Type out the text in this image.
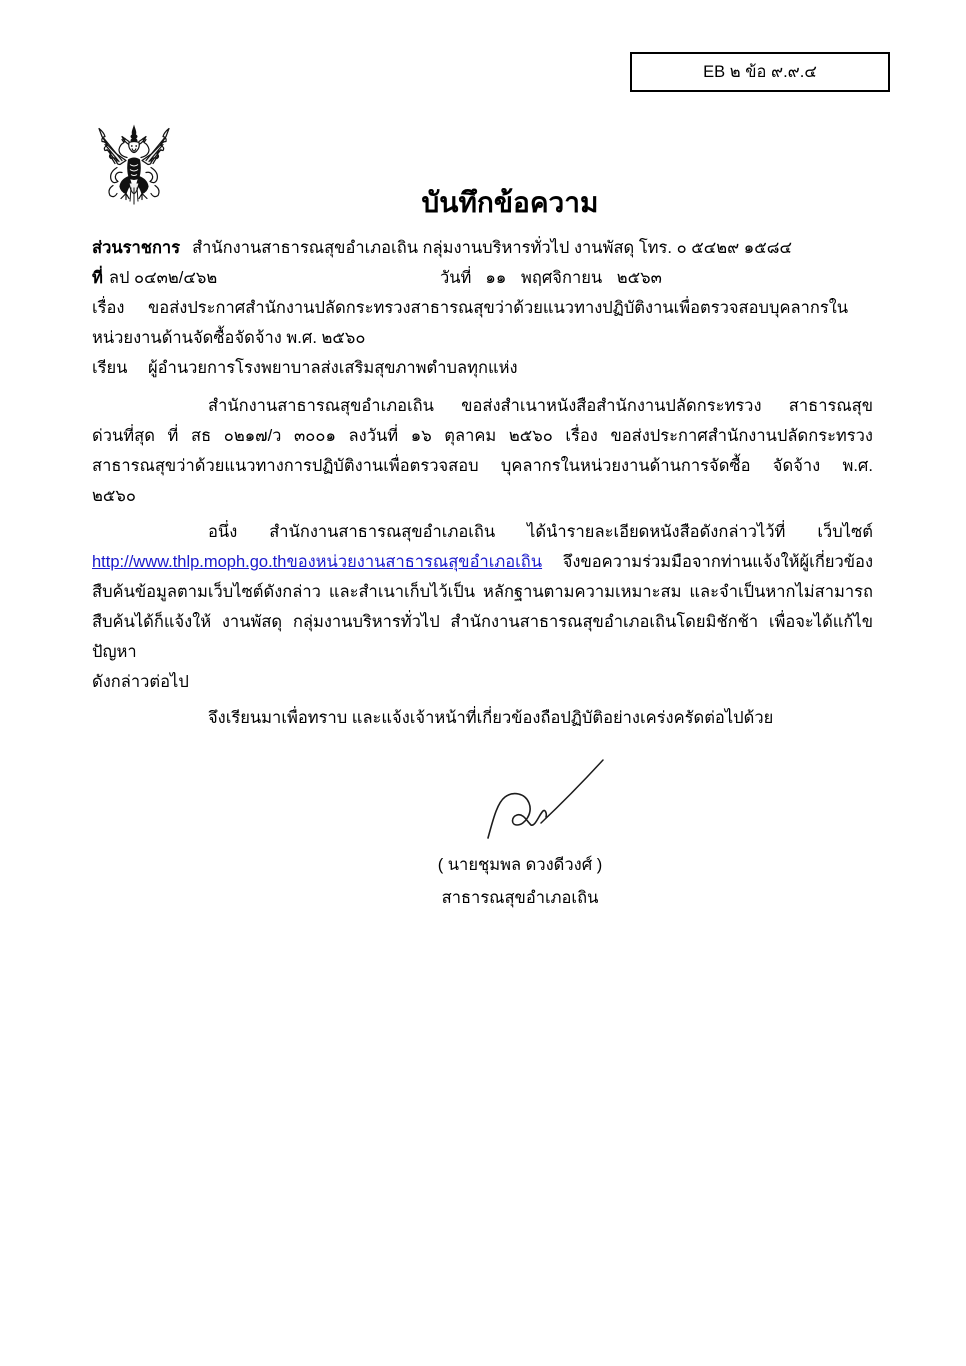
EB ๒ ข้อ ๙.๙.๔
บันทึกข้อความ
ส่วนราชการ สำนักงานสาธารณสุขอำเภอเถิน กลุ่มงานบริหารทั่วไป งานพัสดุ โทร. ๐ ๕๔๒๙ ๑๕๘๔
ที่ ลป ๐๔๓๒/๔๖๒	วันที่ ๑๑ พฤศจิกายน ๒๕๖๓
เรื่อง ขอส่งประกาศสำนักงานปลัดกระทรวงสาธารณสุขว่าด้วยแนวทางปฏิบัติงานเพื่อตรวจสอบบุคลากรใน
หน่วยงานด้านจัดซื้อจัดจ้าง พ.ศ. ๒๕๖๐
เรียน ผู้อำนวยการโรงพยาบาลส่งเสริมสุขภาพตำบลทุกแห่ง
สำนักงานสาธารณสุขอำเภอเถิน ขอส่งสำเนาหนังสือสำนักงานปลัดกระทรวง สาธารณสุข
ด่วนที่สุด ที่ สธ ๐๒๑๗/ว ๓๐๐๑ ลงวันที่ ๑๖ ตุลาคม ๒๕๖๐ เรื่อง ขอส่งประกาศสำนักงานปลัดกระทรวง
สาธารณสุขว่าด้วยแนวทางการปฏิบัติงานเพื่อตรวจสอบ บุคลากรในหน่วยงานด้านการจัดซื้อ จัดจ้าง พ.ศ.
๒๕๖๐
อนึ่ง สำนักงานสาธารณสุขอำเภอเถิน ได้นำรายละเอียดหนังสือดังกล่าวไว้ที่ เว็บไซต์
http://www.thlp.moph.go.thของหน่วยงานสาธารณสุขอำเภอเถิน จึงขอความร่วมมือจากท่านแจ้งให้ผู้เกี่ยวข้อง
สืบค้นข้อมูลตามเว็บไซต์ดังกล่าว และสำเนาเก็บไว้เป็น หลักฐานตามความเหมาะสม และจำเป็นหากไม่สามารถ
สืบค้นได้ก็แจ้งให้ งานพัสดุ กลุ่มงานบริหารทั่วไป สำนักงานสาธารณสุขอำเภอเถินโดยมิชักช้า เพื่อจะได้แก้ไขปัญหา
ดังกล่าวต่อไป
จึงเรียนมาเพื่อทราบ และแจ้งเจ้าหน้าที่เกี่ยวข้องถือปฏิบัติอย่างเคร่งครัดต่อไปด้วย
( นายชุมพล ดวงดีวงศ์ )
สาธารณสุขอำเภอเถิน
